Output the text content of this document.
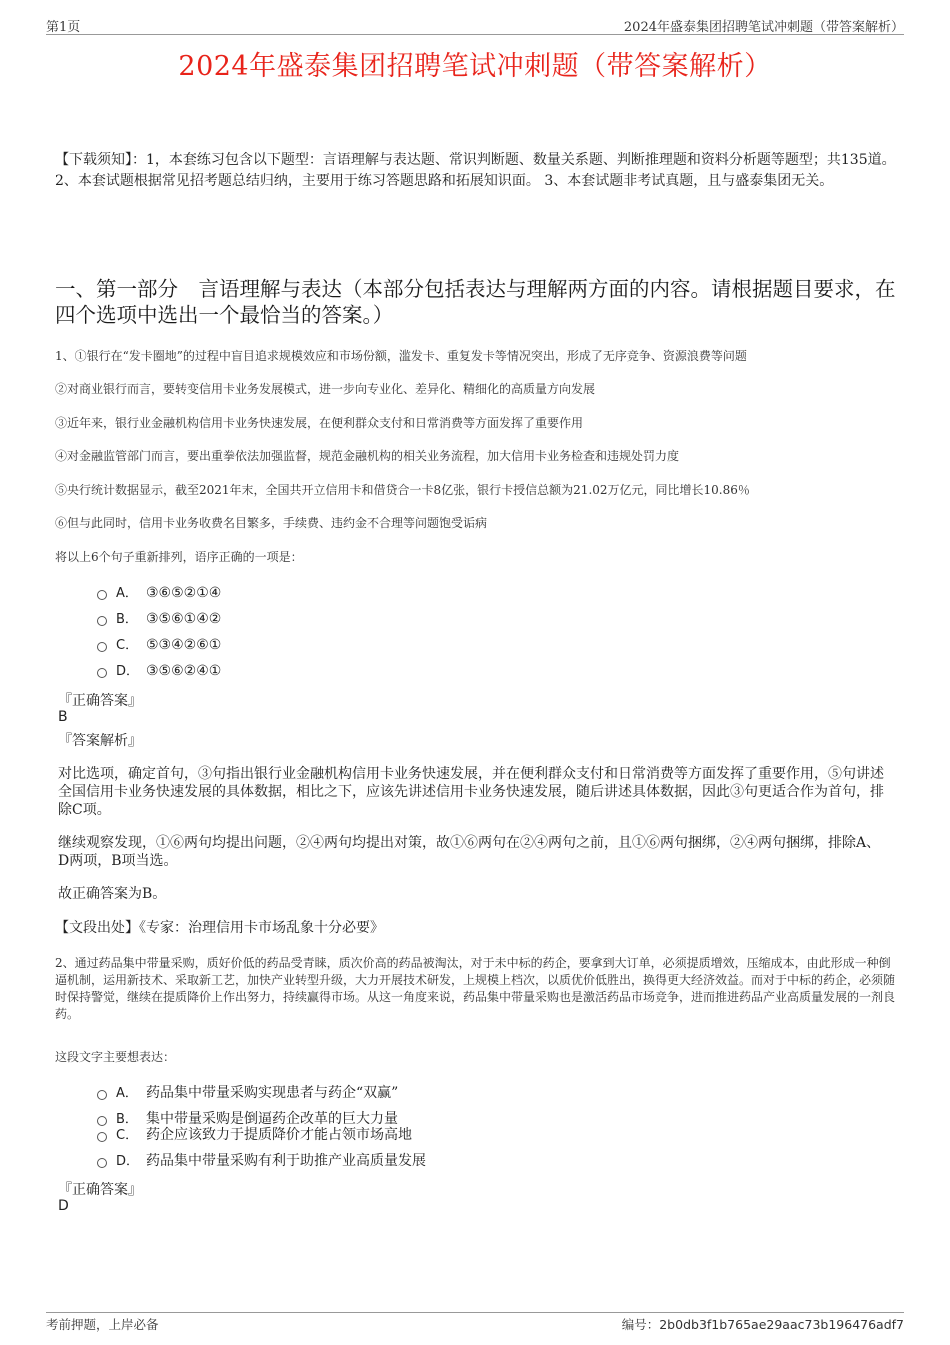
第1页	2024年盛泰集团招聘笔试冲刺题（带答案解析）
2024年盛泰集团招聘笔试冲刺题（带答案解析）
【下载须知】：1，本套练习包含以下题型：言语理解与表达题、常识判断题、数量关系题、判断推理题和资料分析题等题型；共135道。 2、本套试题根据常见招考题总结归纳，主要用于练习答题思路和拓展知识面。 3、本套试题非考试真题，且与盛泰集团无关。
一、第一部分　言语理解与表达（本部分包括表达与理解两方面的内容。请根据题目要求，在四个选项中选出一个最恰当的答案。）
1、①银行在“发卡圈地”的过程中盲目追求规模效应和市场份额，滥发卡、重复发卡等情况突出，形成了无序竞争、资源浪费等问题
②对商业银行而言，要转变信用卡业务发展模式，进一步向专业化、差异化、精细化的高质量方向发展
③近年来，银行业金融机构信用卡业务快速发展，在便利群众支付和日常消费等方面发挥了重要作用
④对金融监管部门而言，要出重拳依法加强监督，规范金融机构的相关业务流程，加大信用卡业务检查和违规处罚力度
⑤央行统计数据显示，截至2021年末，全国共开立信用卡和借贷合一卡8亿张，银行卡授信总额为21.02万亿元，同比增长10.86％
⑥但与此同时，信用卡业务收费名目繁多，手续费、违约金不合理等问题饱受诟病
将以上6个句子重新排列，语序正确的一项是：
A． ③⑥⑤②①④
B． ③⑤⑥①④②
C． ⑤③④②⑥①
D． ③⑤⑥②④①
『正确答案』
B
『答案解析』
对比选项，确定首句，③句指出银行业金融机构信用卡业务快速发展，并在便利群众支付和日常消费等方面发挥了重要作用，⑤句讲述全国信用卡业务快速发展的具体数据，相比之下，应该先讲述信用卡业务快速发展，随后讲述具体数据，因此③句更适合作为首句，排除C项。
继续观察发现，①⑥两句均提出问题，②④两句均提出对策，故①⑥两句在②④两句之前，且①⑥两句捆绑，②④两句捆绑，排除A、D两项，B项当选。
故正确答案为B。
【文段出处】《专家：治理信用卡市场乱象十分必要》
2、通过药品集中带量采购，质好价低的药品受青睐，质次价高的药品被淘汰，对于未中标的药企，要拿到大订单，必须提质增效，压缩成本，由此形成一种倒逼机制，运用新技术、采取新工艺，加快产业转型升级，大力开展技术研发，上规模上档次，以质优价低胜出，换得更大经济效益。而对于中标的药企，必须随时保持警觉，继续在提质降价上作出努力，持续赢得市场。从这一角度来说，药品集中带量采购也是激活药品市场竞争，进而推进药品产业高质量发展的一剂良药。
这段文字主要想表达：
A． 药品集中带量采购实现患者与药企“双赢”
B． 集中带量采购是倒逼药企改革的巨大力量
C． 药企应该致力于提质降价才能占领市场高地
D． 药品集中带量采购有利于助推产业高质量发展
『正确答案』
D
考前押题，上岸必备	编号：2b0db3f1b765ae29aac73b196476adf7
